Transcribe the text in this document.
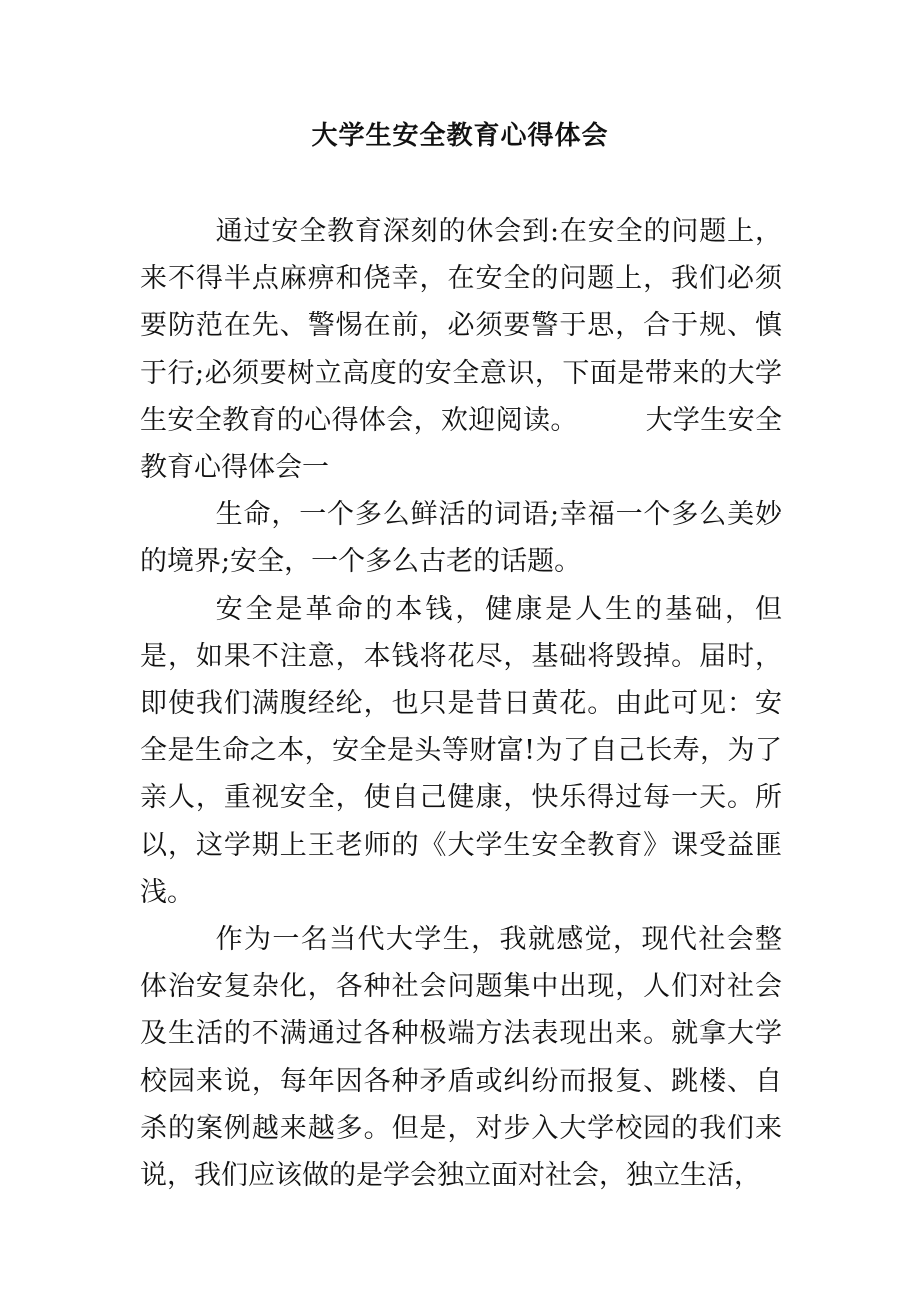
大学生安全教育心得体会

通过安全教育深刻的休会到:在安全的问题上，来不得半点麻痹和侥幸，在安全的问题上，我们必须要防范在先、警惕在前，必须要警于思，合于规、慎于行;必须要树立高度的安全意识，下面是带来的大学生安全教育的心得体会，欢迎阅读。	大学生安全教育心得体会一

生命，一个多么鲜活的词语;幸福一个多么美妙的境界;安全，一个多么古老的话题。

安全是革命的本钱，健康是人生的基础，但是，如果不注意，本钱将花尽，基础将毁掉。届时，即使我们满腹经纶，也只是昔日黄花。由此可见：安全是生命之本，安全是头等财富!为了自己长寿，为了亲人，重视安全，使自己健康，快乐得过每一天。所以，这学期上王老师的《大学生安全教育》课受益匪浅。

作为一名当代大学生，我就感觉，现代社会整体治安复杂化，各种社会问题集中出现，人们对社会及生活的不满通过各种极端方法表现出来。就拿大学校园来说，每年因各种矛盾或纠纷而报复、跳楼、自杀的案例越来越多。但是，对步入大学校园的我们来说，我们应该做的是学会独立面对社会，独立生活，
